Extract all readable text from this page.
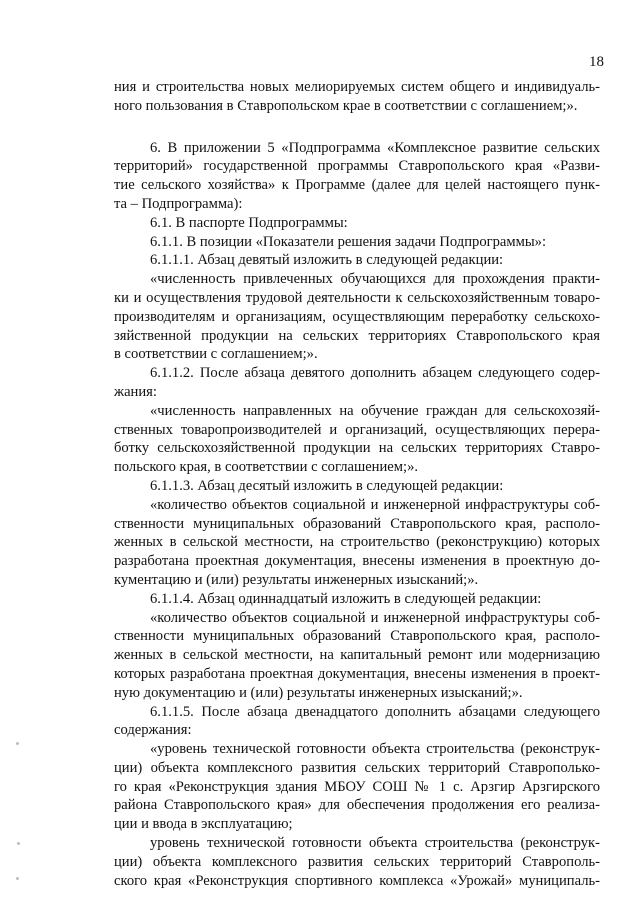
18

ния и строительства новых мелиорируемых систем общего и индивидуаль-
ного пользования в Ставропольском крае в соответствии с соглашением;».

6. В приложении 5 «Подпрограмма «Комплексное развитие сельских
территорий» государственной программы Ставропольского края «Разви-
тие сельского хозяйства» к Программе (далее для целей настоящего пунк-
та – Подпрограмма):

6.1. В паспорте Подпрограммы:

6.1.1. В позиции «Показатели решения задачи Подпрограммы»:

6.1.1.1. Абзац девятый изложить в следующей редакции:

«численность привлеченных обучающихся для прохождения практи-
ки и осуществления трудовой деятельности к сельскохозяйственным товаро-
производителям и организациям, осуществляющим переработку сельскохо-
зяйственной продукции на сельских территориях Ставропольского края
в соответствии с соглашением;».

6.1.1.2. После абзаца девятого дополнить абзацем следующего содер-
жания:

«численность направленных на обучение граждан для сельскохозяй-
ственных товаропроизводителей и организаций, осуществляющих перера-
ботку сельскохозяйственной продукции на сельских территориях Ставро-
польского края, в соответствии с соглашением;».

6.1.1.3. Абзац десятый изложить в следующей редакции:

«количество объектов социальной и инженерной инфраструктуры соб-
ственности муниципальных образований Ставропольского края, располо-
женных в сельской местности, на строительство (реконструкцию) которых
разработана проектная документация, внесены изменения в проектную до-
кументацию и (или) результаты инженерных изысканий;».

6.1.1.4. Абзац одиннадцатый изложить в следующей редакции:

«количество объектов социальной и инженерной инфраструктуры соб-
ственности муниципальных образований Ставропольского края, располо-
женных в сельской местности, на капитальный ремонт или модернизацию
которых разработана проектная документация, внесены изменения в проект-
ную документацию и (или) результаты инженерных изысканий;».

6.1.1.5. После абзаца двенадцатого дополнить абзацами следующего
содержания:

«уровень технической готовности объекта строительства (реконструк-
ции) объекта комплексного развития сельских территорий Ставрополько-
го края «Реконструкция здания МБОУ СОШ № 1 с. Арзгир Арзгирского
района Ставропольского края» для обеспечения продолжения его реализа-
ции и ввода в эксплуатацию;

уровень технической готовности объекта строительства (реконструк-
ции) объекта комплексного развития сельских территорий Ставрополь-
ского края «Реконструкция спортивного комплекса «Урожай» муниципаль-
